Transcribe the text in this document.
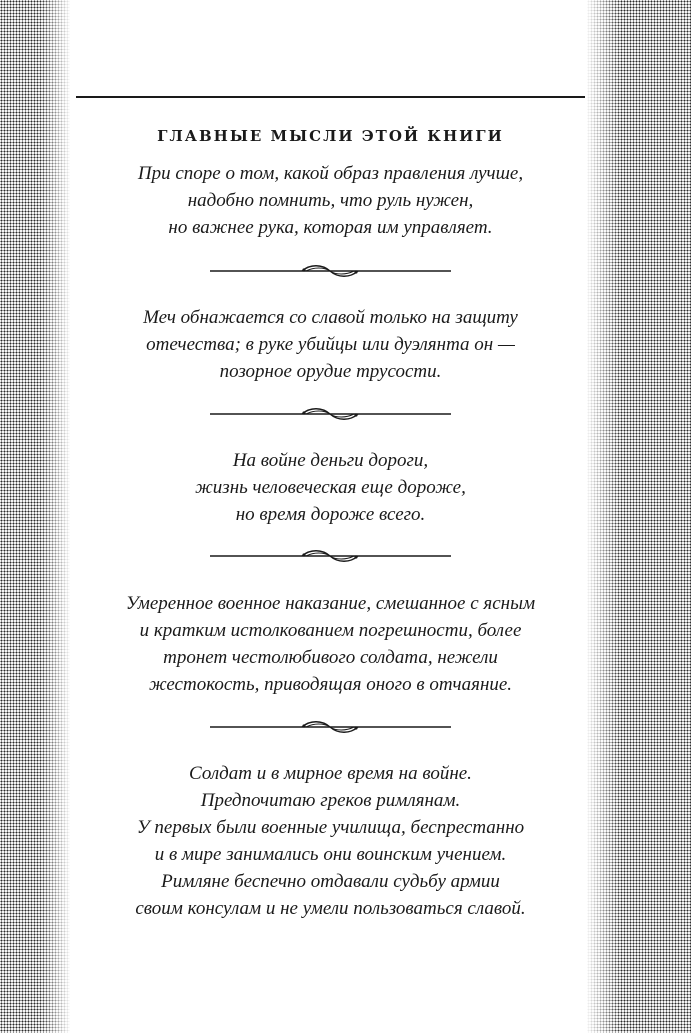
ГЛАВНЫЕ МЫСЛИ ЭТОЙ КНИГИ

При споре о том, какой образ правления лучше,

надобно помнить, что руль нужен,

но важнее рука, которая им управляет.

Меч обнажается со славой только на защиту

отечества; в руке убийцы или дуэлянта он —

позорное орудие трусости.

На войне деньги дороги,

жизнь человеческая еще дороже,

но время дороже всего.

Умеренное военное наказание, смешанное с ясным

и кратким истолкованием погрешности, более

тронет честолюбивого солдата, нежели

жестокость, приводящая оного в отчаяние.

Солдат и в мирное время на войне.

Предпочитаю греков римлянам.

У первых были военные училища, беспрестанно

и в мире занимались они воинским учением.

Римляне беспечно отдавали судьбу армии

своим консулам и не умели пользоваться славой.
